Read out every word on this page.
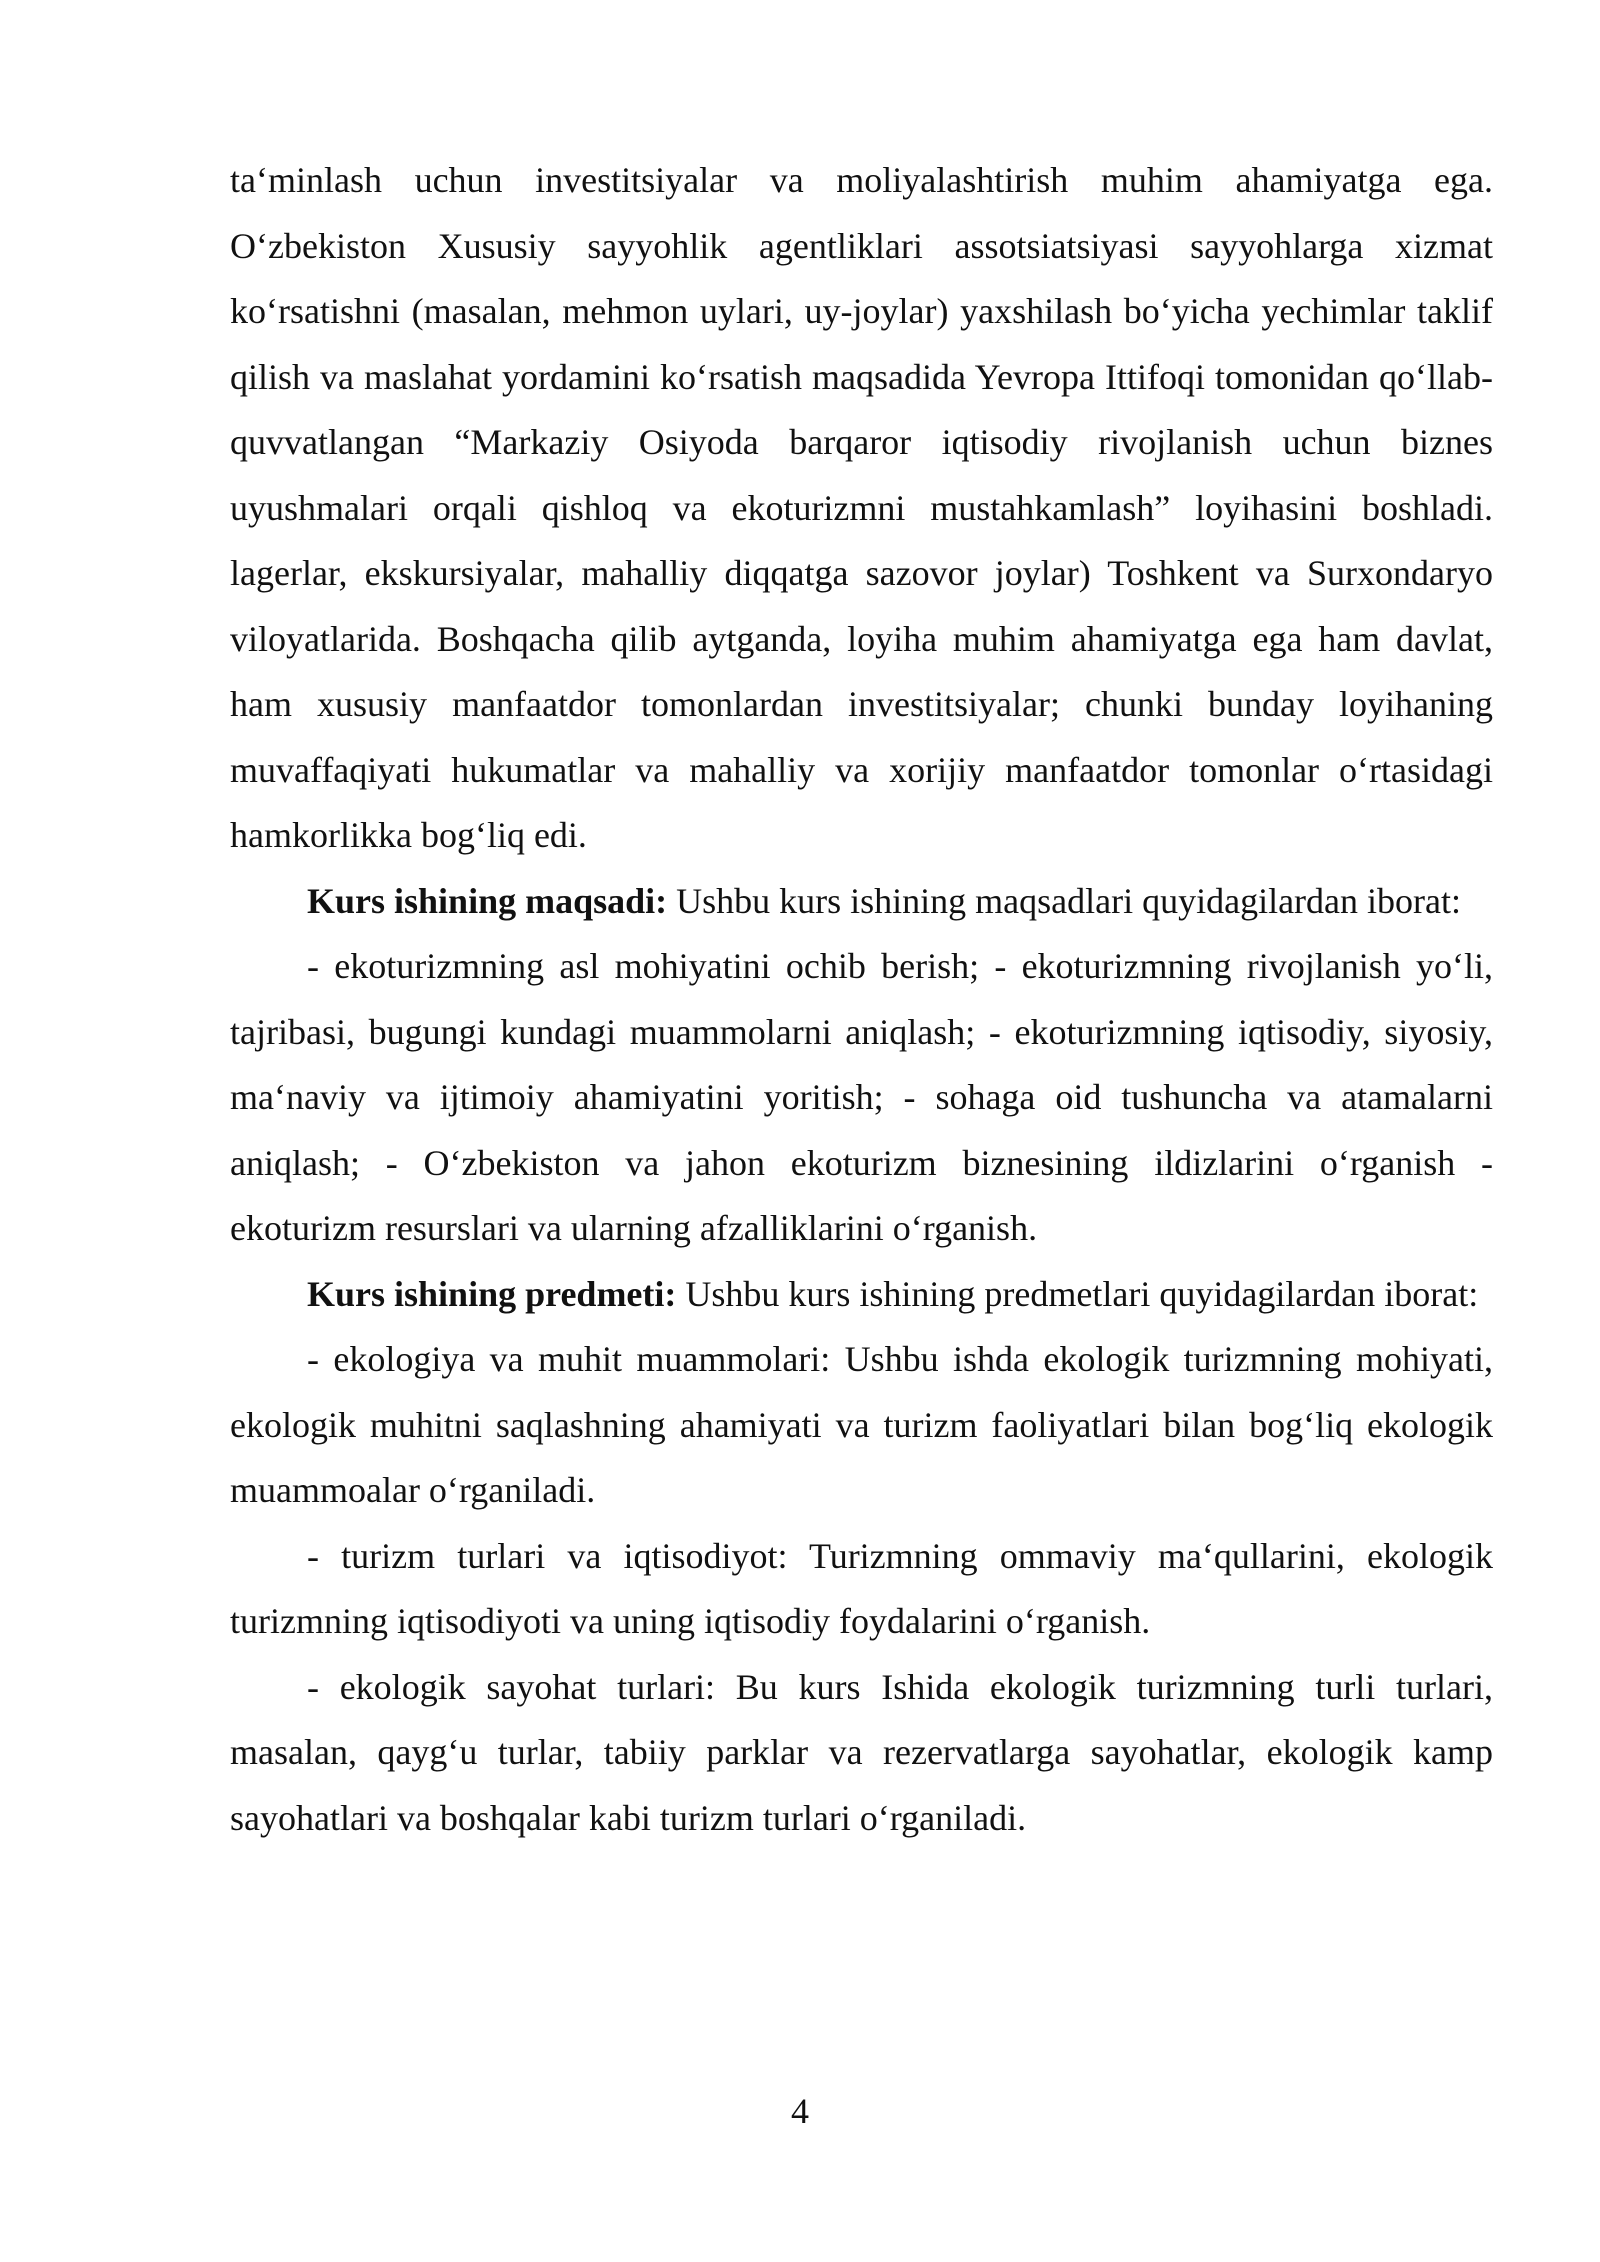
ta‘minlash uchun investitsiyalar va moliyalashtirish muhim ahamiyatga ega. O‘zbekiston Xususiy sayyohlik agentliklari assotsiatsiyasi sayyohlarga xizmat ko‘rsatishni (masalan, mehmon uylari, uy-joylar) yaxshilash bo‘yicha yechimlar taklif qilish va maslahat yordamini ko‘rsatish maqsadida Yevropa Ittifoqi tomonidan qo‘llab-quvvatlangan “Markaziy Osiyoda barqaror iqtisodiy rivojlanish uchun biznes uyushmalari orqali qishloq va ekoturizmni mustahkamlash” loyihasini boshladi. lagerlar, ekskursiyalar, mahalliy diqqatga sazovor joylar) Toshkent va Surxondaryo viloyatlarida. Boshqacha qilib aytganda, loyiha muhim ahamiyatga ega ham davlat, ham xususiy manfaatdor tomonlardan investitsiyalar; chunki bunday loyihaning muvaffaqiyati hukumatlar va mahalliy va xorijiy manfaatdor tomonlar o‘rtasidagi hamkorlikka bog‘liq edi.

Kurs ishining maqsadi: Ushbu kurs ishining maqsadlari quyidagilardan iborat:

- ekoturizmning asl mohiyatini ochib berish; - ekoturizmning rivojlanish yo‘li, tajribasi, bugungi kundagi muammolarni aniqlash; - ekoturizmning iqtisodiy, siyosiy, ma‘naviy va ijtimoiy ahamiyatini yoritish; - sohaga oid tushuncha va atamalarni aniqlash; - O‘zbekiston va jahon ekoturizm biznesining ildizlarini o‘rganish - ekoturizm resurslari va ularning afzalliklarini o‘rganish.

Kurs ishining predmeti: Ushbu kurs ishining predmetlari quyidagilardan iborat:

- ekologiya va muhit muammolari: Ushbu ishda ekologik turizmning mohiyati, ekologik muhitni saqlashning ahamiyati va turizm faoliyatlari bilan bog‘liq ekologik muammoalar o‘rganiladi.

- turizm turlari va iqtisodiyot: Turizmning ommaviy ma‘qullarini, ekologik turizmning iqtisodiyoti va uning iqtisodiy foydalarini o‘rganish.

- ekologik sayohat turlari: Bu kurs Ishida ekologik turizmning turli turlari, masalan, qayg‘u turlar, tabiiy parklar va rezervatlarga sayohatlar, ekologik kamp sayohatlari va boshqalar kabi turizm turlari o‘rganiladi.

4
